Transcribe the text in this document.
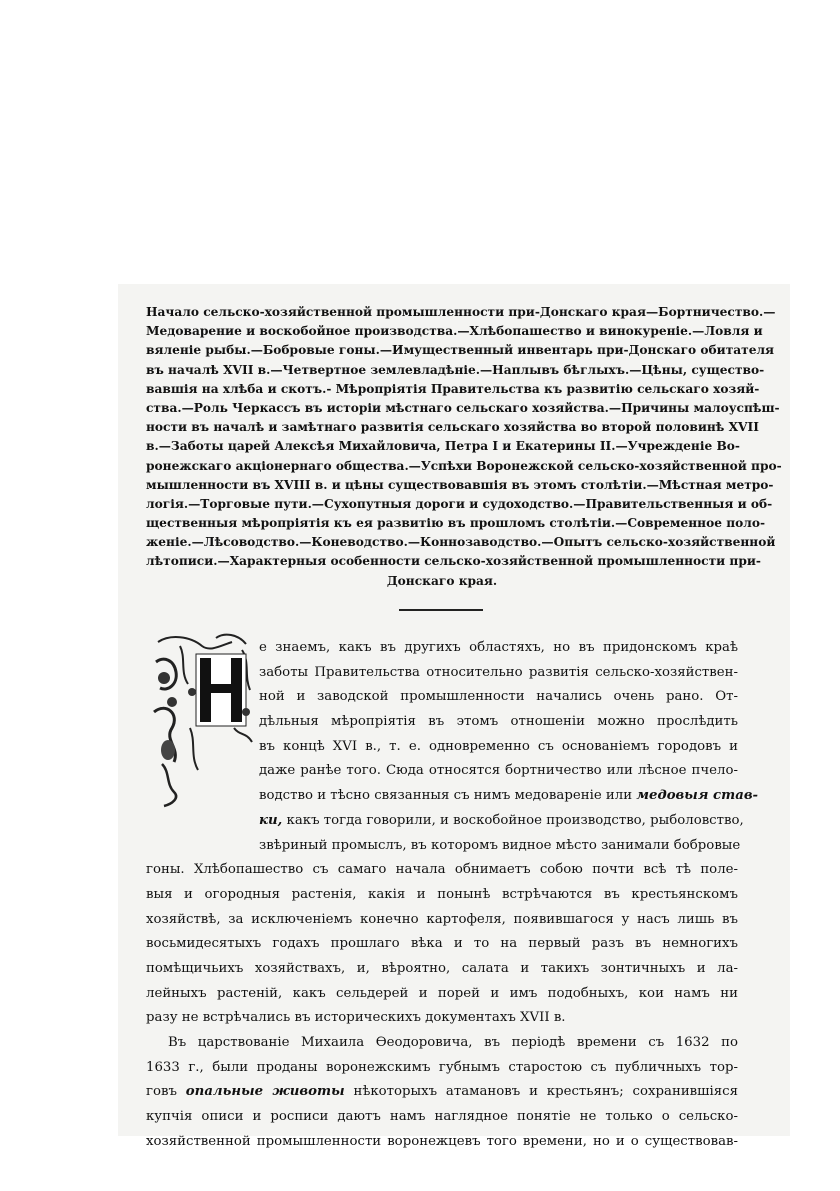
Начало сельско-хозяйственной промышленности при-Донскаго края—Бортничество.—
Медоварение и воскобойное производства.—Хлѣбопашество и винокуреніе.—Ловля и
вяленіе рыбы.—Бобровые гоны.—Имущественный инвентарь при-Донскаго обитателя
въ началѣ XVII в.—Четвертное землевладѣніе.—Наплывъ бѣглыхъ.—Цѣны, существо-
вавшія на хлѣба и скотъ.- Мѣропріятія Правительства къ развитію сельскаго хозяй-
ства.—Роль Черкассъ въ исторіи мѣстнаго сельскаго хозяйства.—Причины малоуспѣш-
ности въ началѣ и замѣтнаго развитія сельскаго хозяйства во второй половинѣ XVII
в.—Заботы царей Алексѣя Михайловича, Петра I и Екатерины II.—Учрежденіе Во-
ронежскаго акціонернаго общества.—Успѣхи Воронежской сельско-хозяйственной про-
мышленности въ XVIII в. и цѣны существовавшія въ этомъ столѣтіи.—Мѣстная метро-
логія.—Торговые пути.—Сухопутныя дороги и судоходство.—Правительственныя и об-
щественныя мѣропріятія къ ея развитію въ прошломъ столѣтіи.—Современное поло-
женіе.—Лѣсоводство.—Коневодство.—Коннозаводство.—Опытъ сельско-хозяйственной
лѣтописи.—Характерныя особенности сельско-хозяйственной промышленности при-
Донскаго края.
е знаемъ, какъ въ другихъ областяхъ, но въ придонскомъ краѣ
заботы Правительства относительно развитія сельско-хозяйствен-
ной и заводской промышленности начались очень рано. От-
дѣльныя мѣропріятія въ этомъ отношеніи можно прослѣдить
въ концѣ XVI в., т. е. одновременно съ основаніемъ городовъ и
даже ранѣе того. Сюда относятся бортничество или лѣсное пчело-
водство и тѣсно связанныя съ нимъ медовареніе или медовыя став-
ки, какъ тогда говорили, и воскобойное производство, рыболовство,
звѣриный промыслъ, въ которомъ видное мѣсто занимали бобровые
гоны. Хлѣбопашество съ самаго начала обнимаетъ собою почти всѣ тѣ поле-
выя и огородныя растенія, какія и понынѣ встрѣчаются въ крестьянскомъ
хозяйствѣ, за исключеніемъ конечно картофеля, появившагося у насъ лишь въ
восьмидесятыхъ годахъ прошлаго вѣка и то на первый разъ въ немногихъ
помѣщичьихъ хозяйствахъ, и, вѣроятно, салата и такихъ зонтичныхъ и ла-
лейныхъ растеній, какъ сельдерей и порей и имъ подобныхъ, кои намъ ни
разу не встрѣчались въ историческихъ документахъ XVII в.
Въ царствованіе Михаила Ѳеодоровича, въ періодѣ времени съ 1632 по
1633 г., были проданы воронежскимъ губнымъ старостою съ публичныхъ тор-
говъ опальные животы нѣкоторыхъ атамановъ и крестьянъ; сохранившіяся
купчія описи и росписи даютъ намъ наглядное понятіе не только о сельско-
хозяйственной промышленности воронежцевъ того времени, но и о существовав-
